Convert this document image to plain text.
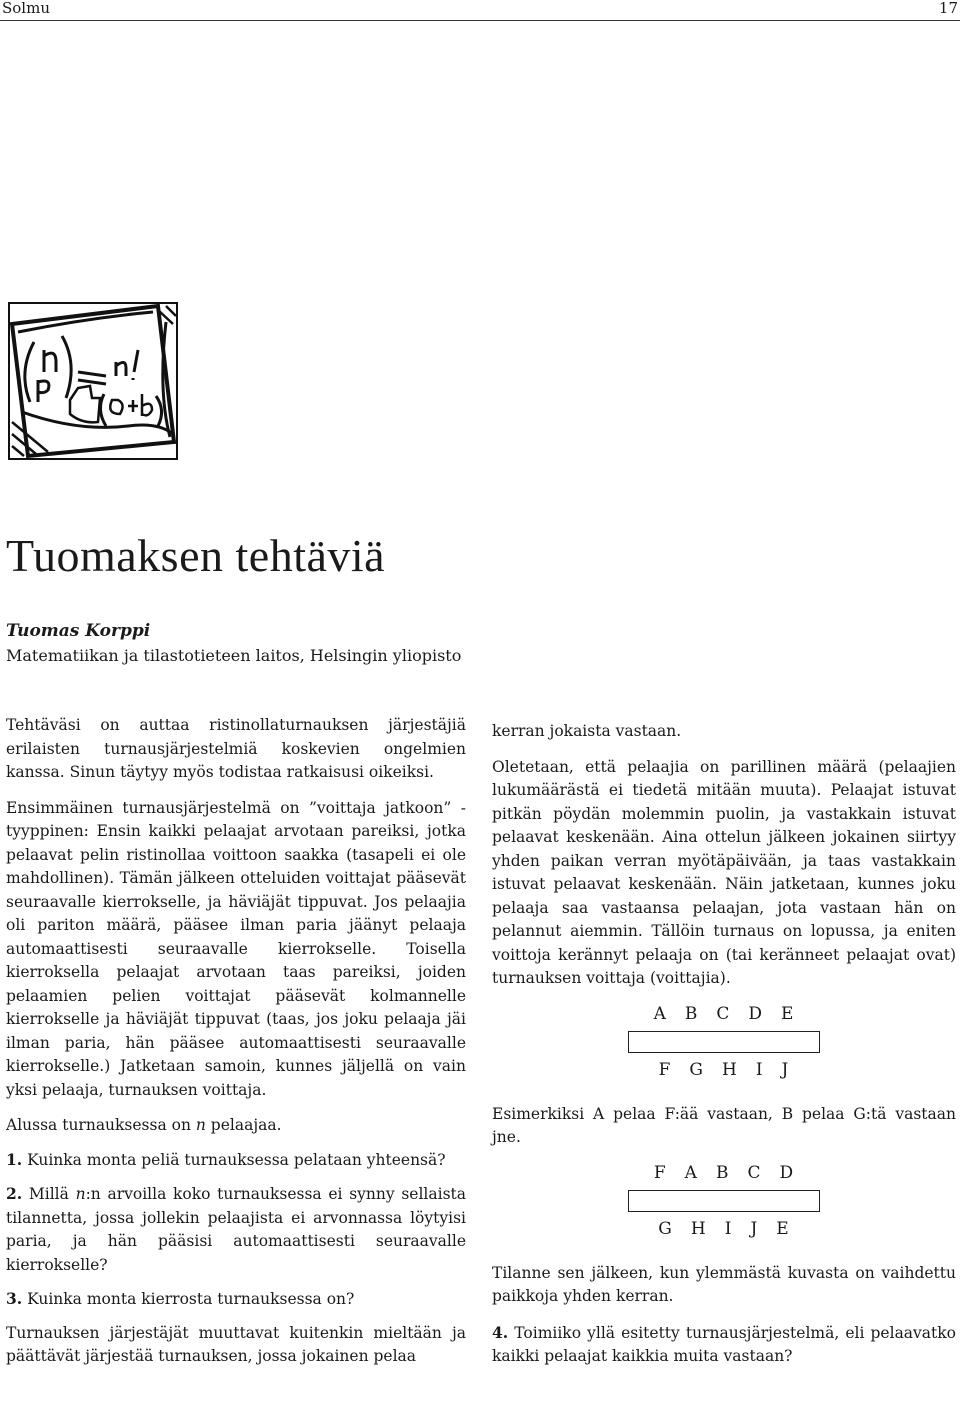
Solmu	17
Tuomaksen tehtäviä
Tuomas Korppi
Matematiikan ja tilastotieteen laitos, Helsingin yliopisto

Tehtäväsi on auttaa ristinollaturnauksen järjestäjiä erilaisten turnausjärjestelmiä koskevien ongelmien kanssa. Sinun täytyy myös todistaa ratkaisusi oikeiksi.

Ensimmäinen turnausjärjestelmä on ”voittaja jatkoon” -tyyppinen: Ensin kaikki pelaajat arvotaan pareiksi, jotka pelaavat pelin ristinollaa voittoon saakka (tasapeli ei ole mahdollinen). Tämän jälkeen otteluiden voittajat pääsevät seuraavalle kierrokselle, ja häviäjät tippuvat. Jos pelaajia oli pariton määrä, pääsee ilman paria jäänyt pelaaja automaattisesti seuraavalle kierrokselle. Toisella kierroksella pelaajat arvotaan taas pareiksi, joiden pelaamien pelien voittajat pääsevät kolmannelle kierrokselle ja häviäjät tippuvat (taas, jos joku pelaaja jäi ilman paria, hän pääsee automaattisesti seuraavalle kierrokselle.) Jatketaan samoin, kunnes jäljellä on vain yksi pelaaja, turnauksen voittaja.

Alussa turnauksessa on n pelaajaa.

1. Kuinka monta peliä turnauksessa pelataan yhteensä?

2. Millä n:n arvoilla koko turnauksessa ei synny sellaista tilannetta, jossa jollekin pelaajista ei arvonnassa löytyisi paria, ja hän pääsisi automaattisesti seuraavalle kierrokselle?

3. Kuinka monta kierrosta turnauksessa on?

Turnauksen järjestäjät muuttavat kuitenkin mieltään ja päättävät järjestää turnauksen, jossa jokainen pelaa

kerran jokaista vastaan.

Oletetaan, että pelaajia on parillinen määrä (pelaajien lukumäärästä ei tiedetä mitään muuta). Pelaajat istuvat pitkän pöydän molemmin puolin, ja vastakkain istuvat pelaavat keskenään. Aina ottelun jälkeen jokainen siirtyy yhden paikan verran myötäpäivään, ja taas vastakkain istuvat pelaavat keskenään. Näin jatketaan, kunnes joku pelaaja saa vastaansa pelaajan, jota vastaan hän on pelannut aiemmin. Tällöin turnaus on lopussa, ja eniten voittoja kerännyt pelaaja on (tai keränneet pelaajat ovat) turnauksen voittaja (voittajia).

A B C D E
F G H I J

Esimerkiksi A pelaa F:ää vastaan, B pelaa G:tä vastaan jne.

F A B C D
G H I J E

Tilanne sen jälkeen, kun ylemmästä kuvasta on vaihdettu paikkoja yhden kerran.

4. Toimiiko yllä esitetty turnausjärjestelmä, eli pelaavatko kaikki pelaajat kaikkia muita vastaan?
